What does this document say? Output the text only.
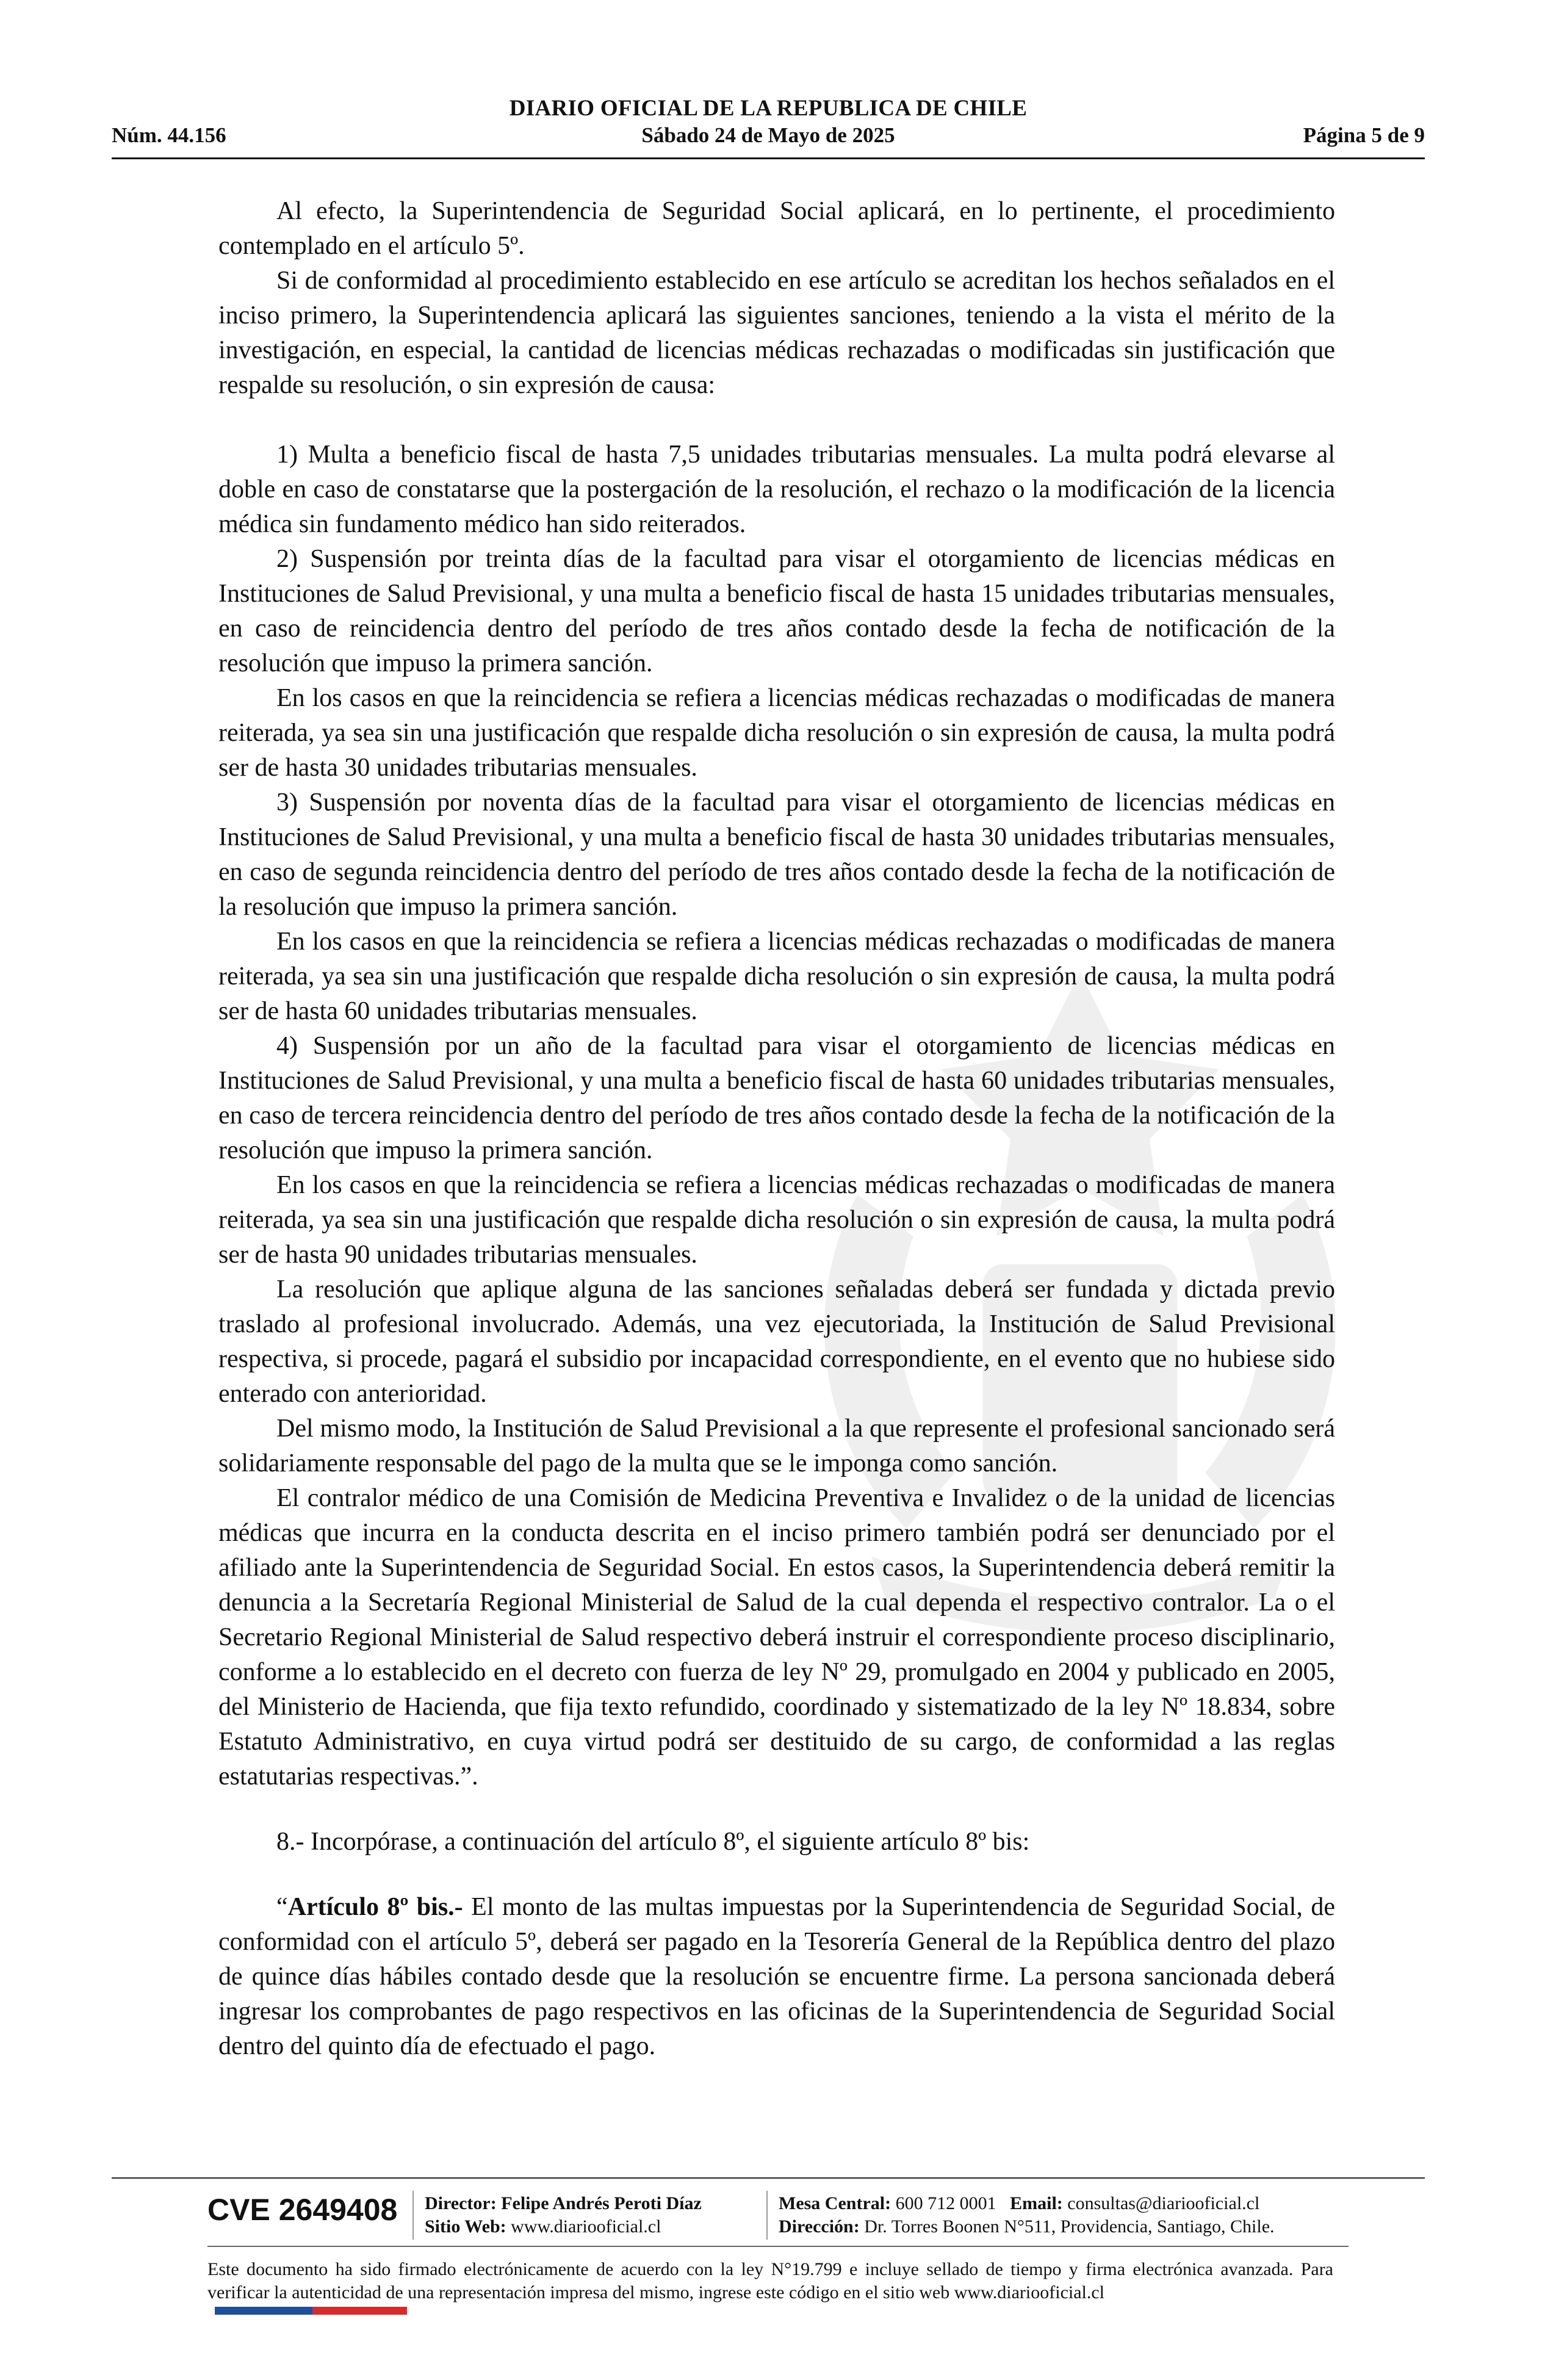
DIARIO OFICIAL DE LA REPUBLICA DE CHILE
Núm. 44.156	Sábado 24 de Mayo de 2025	Página 5 de 9

Al efecto, la Superintendencia de Seguridad Social aplicará, en lo pertinente, el procedimiento contemplado en el artículo 5º.

Si de conformidad al procedimiento establecido en ese artículo se acreditan los hechos señalados en el inciso primero, la Superintendencia aplicará las siguientes sanciones, teniendo a la vista el mérito de la investigación, en especial, la cantidad de licencias médicas rechazadas o modificadas sin justificación que respalde su resolución, o sin expresión de causa:

1) Multa a beneficio fiscal de hasta 7,5 unidades tributarias mensuales. La multa podrá elevarse al doble en caso de constatarse que la postergación de la resolución, el rechazo o la modificación de la licencia médica sin fundamento médico han sido reiterados.

2) Suspensión por treinta días de la facultad para visar el otorgamiento de licencias médicas en Instituciones de Salud Previsional, y una multa a beneficio fiscal de hasta 15 unidades tributarias mensuales, en caso de reincidencia dentro del período de tres años contado desde la fecha de notificación de la resolución que impuso la primera sanción.

En los casos en que la reincidencia se refiera a licencias médicas rechazadas o modificadas de manera reiterada, ya sea sin una justificación que respalde dicha resolución o sin expresión de causa, la multa podrá ser de hasta 30 unidades tributarias mensuales.

3) Suspensión por noventa días de la facultad para visar el otorgamiento de licencias médicas en Instituciones de Salud Previsional, y una multa a beneficio fiscal de hasta 30 unidades tributarias mensuales, en caso de segunda reincidencia dentro del período de tres años contado desde la fecha de la notificación de la resolución que impuso la primera sanción.

En los casos en que la reincidencia se refiera a licencias médicas rechazadas o modificadas de manera reiterada, ya sea sin una justificación que respalde dicha resolución o sin expresión de causa, la multa podrá ser de hasta 60 unidades tributarias mensuales.

4) Suspensión por un año de la facultad para visar el otorgamiento de licencias médicas en Instituciones de Salud Previsional, y una multa a beneficio fiscal de hasta 60 unidades tributarias mensuales, en caso de tercera reincidencia dentro del período de tres años contado desde la fecha de la notificación de la resolución que impuso la primera sanción.

En los casos en que la reincidencia se refiera a licencias médicas rechazadas o modificadas de manera reiterada, ya sea sin una justificación que respalde dicha resolución o sin expresión de causa, la multa podrá ser de hasta 90 unidades tributarias mensuales.

La resolución que aplique alguna de las sanciones señaladas deberá ser fundada y dictada previo traslado al profesional involucrado. Además, una vez ejecutoriada, la Institución de Salud Previsional respectiva, si procede, pagará el subsidio por incapacidad correspondiente, en el evento que no hubiese sido enterado con anterioridad.

Del mismo modo, la Institución de Salud Previsional a la que represente el profesional sancionado será solidariamente responsable del pago de la multa que se le imponga como sanción.

El contralor médico de una Comisión de Medicina Preventiva e Invalidez o de la unidad de licencias médicas que incurra en la conducta descrita en el inciso primero también podrá ser denunciado por el afiliado ante la Superintendencia de Seguridad Social. En estos casos, la Superintendencia deberá remitir la denuncia a la Secretaría Regional Ministerial de Salud de la cual dependa el respectivo contralor. La o el Secretario Regional Ministerial de Salud respectivo deberá instruir el correspondiente proceso disciplinario, conforme a lo establecido en el decreto con fuerza de ley Nº 29, promulgado en 2004 y publicado en 2005, del Ministerio de Hacienda, que fija texto refundido, coordinado y sistematizado de la ley Nº 18.834, sobre Estatuto Administrativo, en cuya virtud podrá ser destituido de su cargo, de conformidad a las reglas estatutarias respectivas.”.

8.- Incorpórase, a continuación del artículo 8º, el siguiente artículo 8º bis:

“Artículo 8º bis.- El monto de las multas impuestas por la Superintendencia de Seguridad Social, de conformidad con el artículo 5º, deberá ser pagado en la Tesorería General de la República dentro del plazo de quince días hábiles contado desde que la resolución se encuentre firme. La persona sancionada deberá ingresar los comprobantes de pago respectivos en las oficinas de la Superintendencia de Seguridad Social dentro del quinto día de efectuado el pago.

CVE 2649408 Director: Felipe Andrés Peroti Díaz
Sitio Web: www.diariooficial.cl
Mesa Central: 600 712 0001 Email: consultas@diariooficial.cl
Dirección: Dr. Torres Boonen N°511, Providencia, Santiago, Chile.
Este documento ha sido firmado electrónicamente de acuerdo con la ley N°19.799 e incluye sellado de tiempo y firma electrónica avanzada. Para verificar la autenticidad de una representación impresa del mismo, ingrese este código en el sitio web www.diariooficial.cl
